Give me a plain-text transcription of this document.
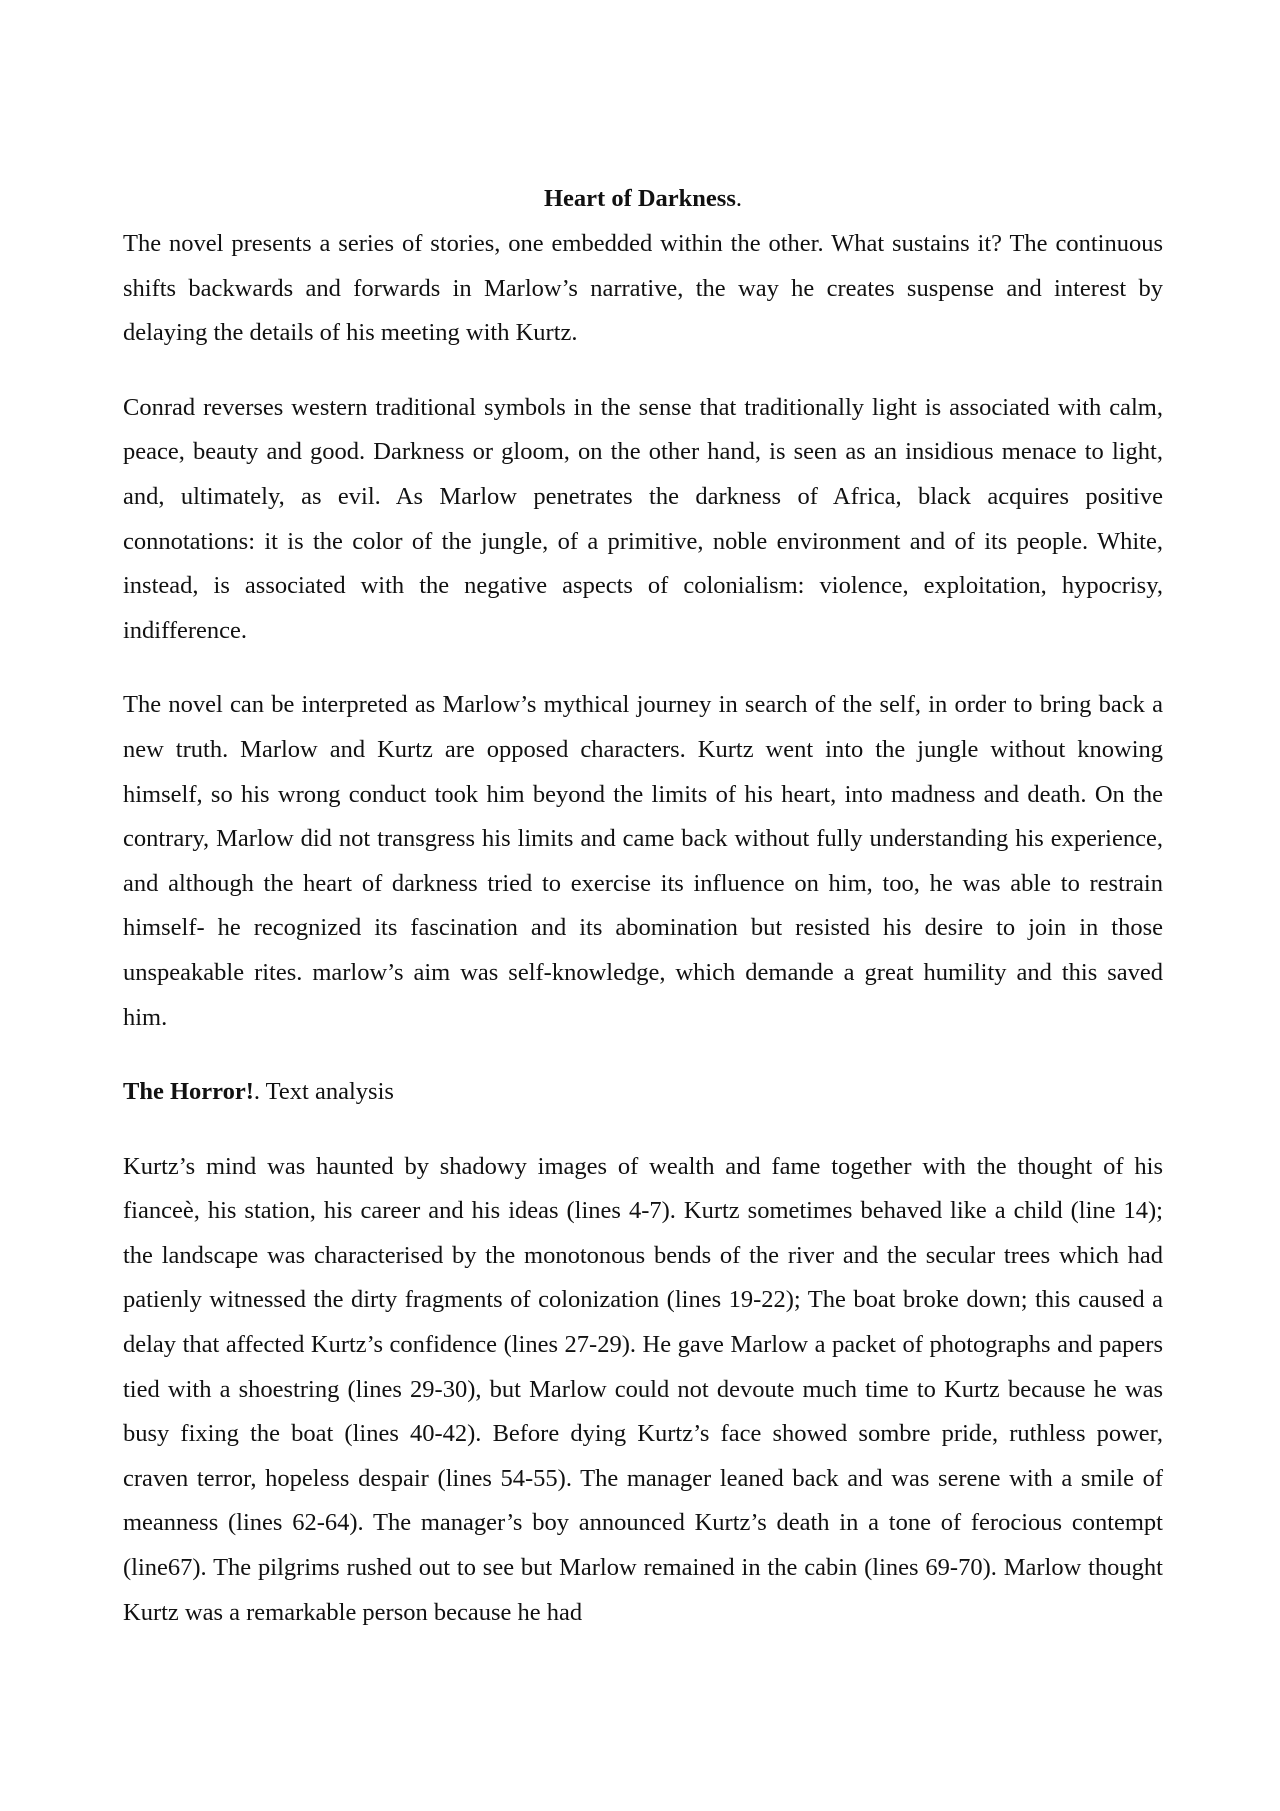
Heart of Darkness.

The novel presents a series of stories, one embedded within the other. What sustains it? The continuous shifts backwards and forwards in Marlow’s narrative, the way he creates suspense and interest by delaying the details of his meeting with Kurtz.

Conrad reverses western traditional symbols in the sense that traditionally light is associated with calm, peace, beauty and good. Darkness or gloom, on the other hand, is seen as an insidious menace to light, and, ultimately, as evil. As Marlow penetrates the darkness of Africa, black acquires positive connotations: it is the color of the jungle, of a primitive, noble environment and of its people. White, instead, is associated with the negative aspects of colonialism: violence, exploitation, hypocrisy, indifference.

The novel can be interpreted as Marlow’s mythical journey in search of the self, in order to bring back a new truth. Marlow and Kurtz are opposed characters. Kurtz went into the jungle without knowing himself, so his wrong conduct took him beyond the limits of his heart, into madness and death. On the contrary, Marlow did not transgress his limits and came back without fully understanding his experience, and although the heart of darkness tried to exercise its influence on him, too, he was able to restrain himself- he recognized its fascination and its abomination but resisted his desire to join in those unspeakable rites. marlow’s aim was self-knowledge, which demande a great humility and this saved him.

The Horror!. Text analysis

Kurtz’s mind was haunted by shadowy images of wealth and fame together with the thought of his fianceè, his station, his career and his ideas (lines 4-7). Kurtz sometimes behaved like a child (line 14); the landscape was characterised by the monotonous bends of the river and the secular trees which had patienly witnessed the dirty fragments of colonization (lines 19-22); The boat broke down; this caused a delay that affected Kurtz’s confidence (lines 27-29). He gave Marlow a packet of photographs and papers tied with a shoestring (lines 29-30), but Marlow could not devoute much time to Kurtz because he was busy fixing the boat (lines 40-42). Before dying Kurtz’s face showed sombre pride, ruthless power, craven terror, hopeless despair (lines 54-55). The manager leaned back and was serene with a smile of meanness (lines 62-64). The manager’s boy announced Kurtz’s death in a tone of ferocious contempt (line67). The pilgrims rushed out to see but Marlow remained in the cabin (lines 69-70). Marlow thought Kurtz was a remarkable person because he had
